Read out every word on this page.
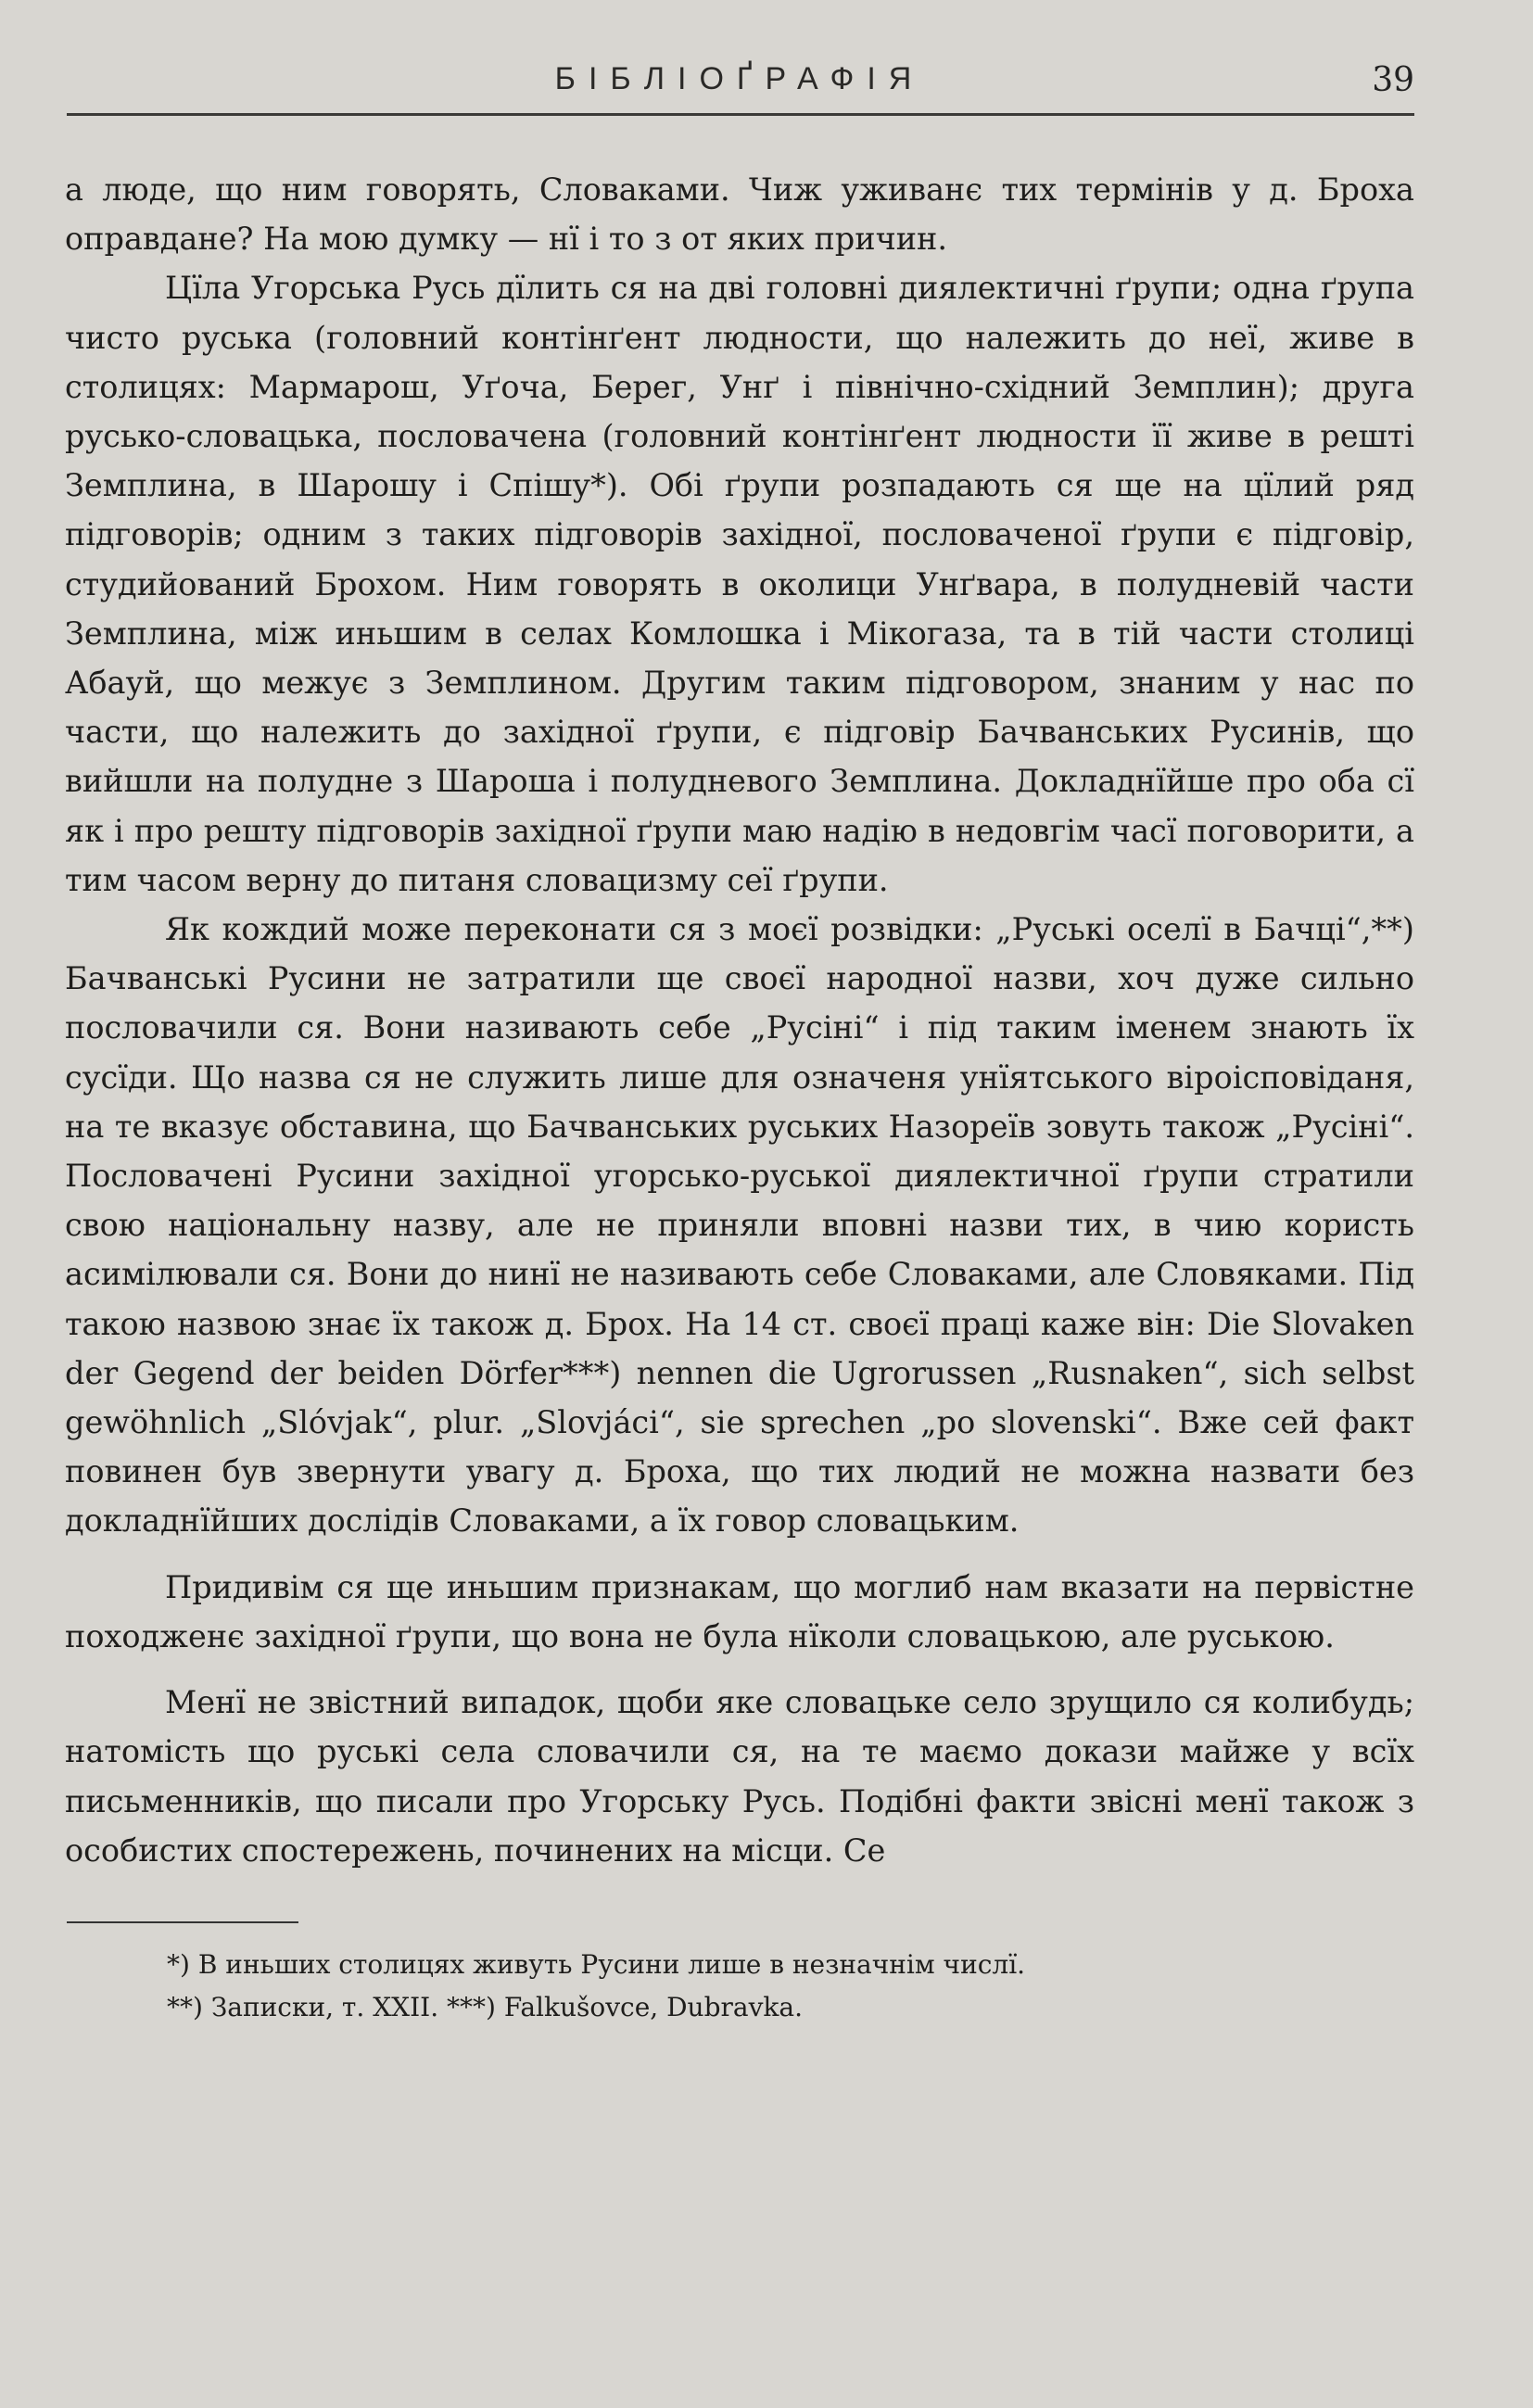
БІБЛІОҐРАФІЯ	39

а люде, що ним говорять, Словаками. Чиж уживанє тих термінів у д. Броха оправдане? На мою думку — нї і то з от яких причин.

Цїла Угорська Русь дїлить ся на дві головні диялектичні ґрупи; одна ґрупа чисто руська (головний контінґент людности, що належить до неї, живе в столицях: Мармарош, Уґоча, Берег, Унґ і північно-східний Земплин); друга русько-словацька, пословачена (головний контінґент людности її живе в решті Земплина, в Шарошу і Спішу*). Обі ґрупи розпадають ся ще на цїлий ряд підговорів; одним з таких підговорів західної, пословаченої ґрупи є підговір, студийований Брохом. Ним говорять в околици Унґвара, в полудневій части Земплина, між иньшим в селах Комлошка і Мікогаза, та в тій части столиці Абауй, що межує з Земплином. Другим таким підговором, знаним у нас по части, що належить до західної ґрупи, є підговір Бачванських Русинів, що вийшли на полудне з Шароша і полудневого Земплина. Докладнїйше про оба сї як і про решту підговорів західної ґрупи маю надію в недовгім часї поговорити, а тим часом верну до питаня словацизму сеї ґрупи.

Як кождий може переконати ся з моєї розвідки: „Руські оселї в Бачці“,**) Бачванські Русини не затратили ще своєї народної назви, хоч дуже сильно пословачили ся. Вони називають себе „Русіні“ і під таким іменем знають їх сусїди. Що назва ся не служить лише для означеня унїятського віроісповіданя, на те вказує обставина, що Бачванських руських Назореїв зовуть також „Русіні“. Пословачені Русини західної угорсько-руської диялектичної ґрупи стратили свою національну назву, але не приняли вповні назви тих, в чию користь асимілювали ся. Вони до нинї не називають себе Словаками, але Словяками. Під такою назвою знає їх також д. Брох. На 14 ст. своєї праці каже він: Die Slovaken der Gegend der beiden Dörfer***) nennen die Ugrorussen „Rusnaken“, sich selbst gewöhnlich „Slóvjak“, plur. „Slovjáci“, sie sprechen „po slovenski“. Вже сей факт повинен був звернути увагу д. Броха, що тих людий не можна назвати без докладнїйших дослідів Словаками, а їх говор словацьким.

Придивім ся ще иньшим признакам, що моглиб нам вказати на первістне походженє західної ґрупи, що вона не була нїколи словацькою, але руською.

Менї не звістний випадок, щоби яке словацьке село зрущило ся колибудь; натомість що руські села словачили ся, на те маємо докази майже у всїх письменників, що писали про Угорську Русь. Подібні факти звісні менї також з особистих спостережень, починених на місци. Се

*) В иньших столицях живуть Русини лише в незначнім числї.

**) Записки, т. XXII. ***) Falkušovce, Dubravka.
